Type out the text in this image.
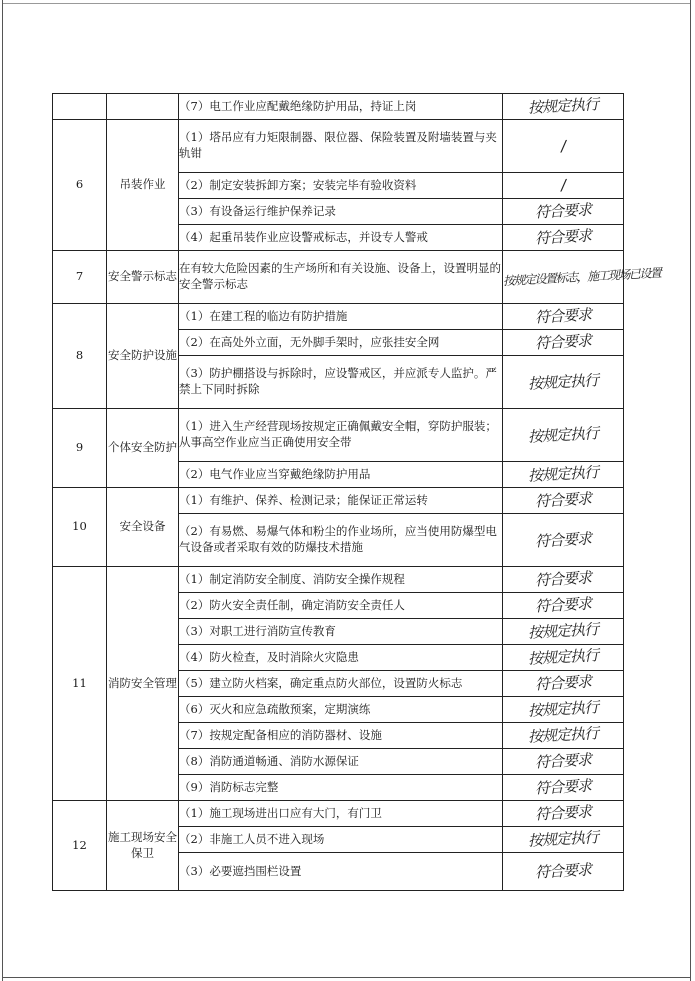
		（7）电工作业应配戴绝缘防护用品，持证上岗	按规定执行
6	吊装作业	（1）塔吊应有力矩限制器、限位器、保险装置及附墙装置与夹轨钳	/
		（2）制定安装拆卸方案；安装完毕有验收资料	/
		（3）有设备运行维护保养记录	符合要求
		（4）起重吊装作业应设警戒标志，并设专人警戒	符合要求
7	安全警示标志	在有较大危险因素的生产场所和有关设施、设备上，设置明显的安全警示标志	按规定设置标志，施工现场已设置
8	安全防护设施	（1）在建工程的临边有防护措施	符合要求
		（2）在高处外立面，无外脚手架时，应张挂安全网	符合要求
		（3）防护棚搭设与拆除时，应设警戒区，并应派专人监护。严禁上下同时拆除	按规定执行
9	个体安全防护	（1）进入生产经营现场按规定正确佩戴安全帽，穿防护服装；从事高空作业应当正确使用安全带	按规定执行
		（2）电气作业应当穿戴绝缘防护用品	按规定执行
10	安全设备	（1）有维护、保养、检测记录；能保证正常运转	符合要求
		（2）有易燃、易爆气体和粉尘的作业场所，应当使用防爆型电气设备或者采取有效的防爆技术措施	符合要求
11	消防安全管理	（1）制定消防安全制度、消防安全操作规程	符合要求
		（2）防火安全责任制，确定消防安全责任人	符合要求
		（3）对职工进行消防宣传教育	按规定执行
		（4）防火检查，及时消除火灾隐患	按规定执行
		（5）建立防火档案，确定重点防火部位，设置防火标志	符合要求
		（6）灭火和应急疏散预案，定期演练	按规定执行
		（7）按规定配备相应的消防器材、设施	按规定执行
		（8）消防通道畅通、消防水源保证	符合要求
		（9）消防标志完整	符合要求
12	施工现场安全保卫	（1）施工现场进出口应有大门，有门卫	符合要求
		（2）非施工人员不进入现场	按规定执行
		（3）必要遮挡围栏设置	符合要求
